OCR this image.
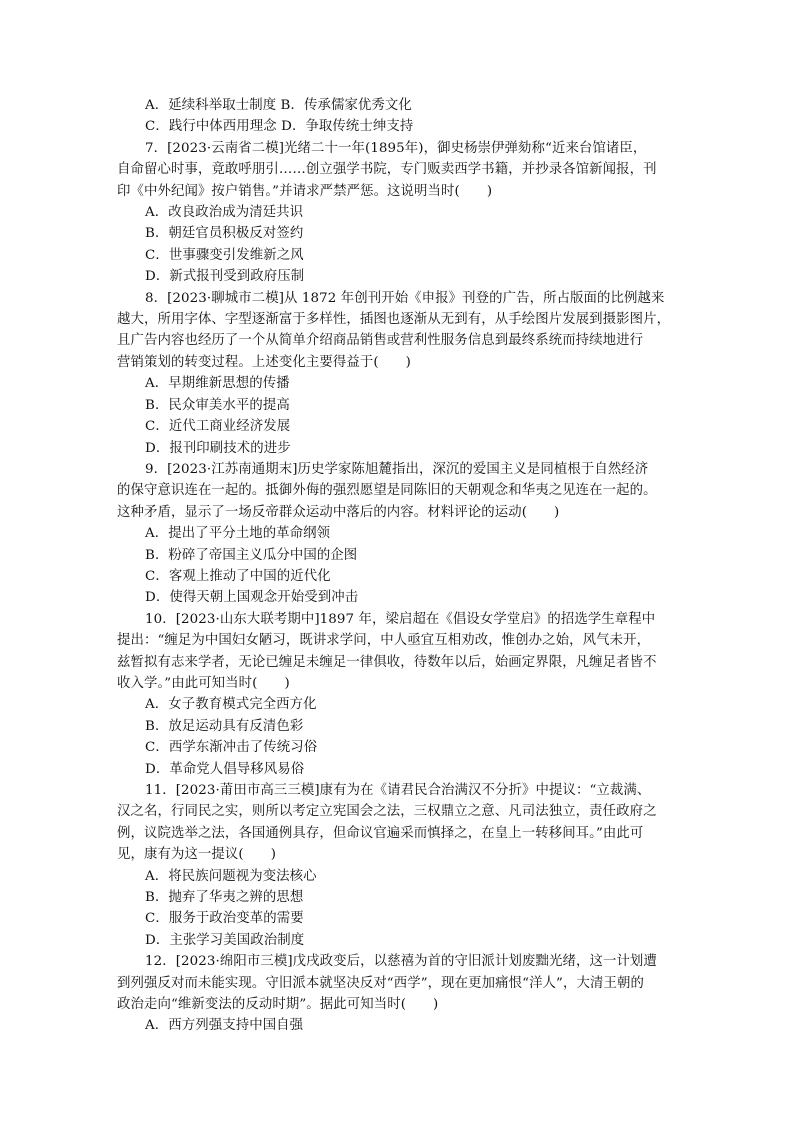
A．延续科举取士制度 B．传承儒家优秀文化
C．践行中体西用理念 D．争取传统士绅支持
7．[2023·云南省二模]光绪二十一年(1895年)，御史杨崇伊弹劾称“近来台馆诸臣，
自命留心时事，竟敢呼朋引……创立强学书院，专门贩卖西学书籍，并抄录各馆新闻报，刊
印《中外纪闻》按户销售。”并请求严禁严惩。这说明当时(　　)
A．改良政治成为清廷共识
B．朝廷官员积极反对签约
C．世事骤变引发维新之风
D．新式报刊受到政府压制
8．[2023·聊城市二模]从 1872 年创刊开始《申报》刊登的广告，所占版面的比例越来
越大，所用字体、字型逐渐富于多样性，插图也逐渐从无到有，从手绘图片发展到摄影图片，
且广告内容也经历了一个从简单介绍商品销售或营利性服务信息到最终系统而持续地进行
营销策划的转变过程。上述变化主要得益于(　　)
A．早期维新思想的传播
B．民众审美水平的提高
C．近代工商业经济发展
D．报刊印刷技术的进步
9．[2023·江苏南通期末]历史学家陈旭麓指出，深沉的爱国主义是同植根于自然经济
的保守意识连在一起的。抵御外侮的强烈愿望是同陈旧的天朝观念和华夷之见连在一起的。
这种矛盾，显示了一场反帝群众运动中落后的内容。材料评论的运动(　　)
A．提出了平分土地的革命纲领
B．粉碎了帝国主义瓜分中国的企图
C．客观上推动了中国的近代化
D．使得天朝上国观念开始受到冲击
10．[2023·山东大联考期中]1897 年，梁启超在《倡设女学堂启》的招选学生章程中
提出：“缠足为中国妇女陋习，既讲求学问，中人亟宜互相劝改，惟创办之始，风气未开，
兹暂拟有志来学者，无论已缠足未缠足一律俱收，待数年以后，始画定界限，凡缠足者皆不
收入学。”由此可知当时(　　)
A．女子教育模式完全西方化
B．放足运动具有反清色彩
C．西学东渐冲击了传统习俗
D．革命党人倡导移风易俗
11．[2023·莆田市高三三模]康有为在《请君民合治满汉不分折》中提议：“立裁满、
汉之名，行同民之实，则所以考定立宪国会之法，三权鼎立之意、凡司法独立，责任政府之
例，议院选举之法，各国通例具存，但命议官遍采而慎择之，在皇上一转移间耳。”由此可
见，康有为这一提议(　　)
A．将民族问题视为变法核心
B．抛弃了华夷之辨的思想
C．服务于政治变革的需要
D．主张学习美国政治制度
12．[2023·绵阳市三模]戊戌政变后，以慈禧为首的守旧派计划废黜光绪，这一计划遭
到列强反对而未能实现。守旧派本就坚决反对“西学”，现在更加痛恨“洋人”，大清王朝的
政治走向“维新变法的反动时期”。据此可知当时(　　)
A．西方列强支持中国自强
